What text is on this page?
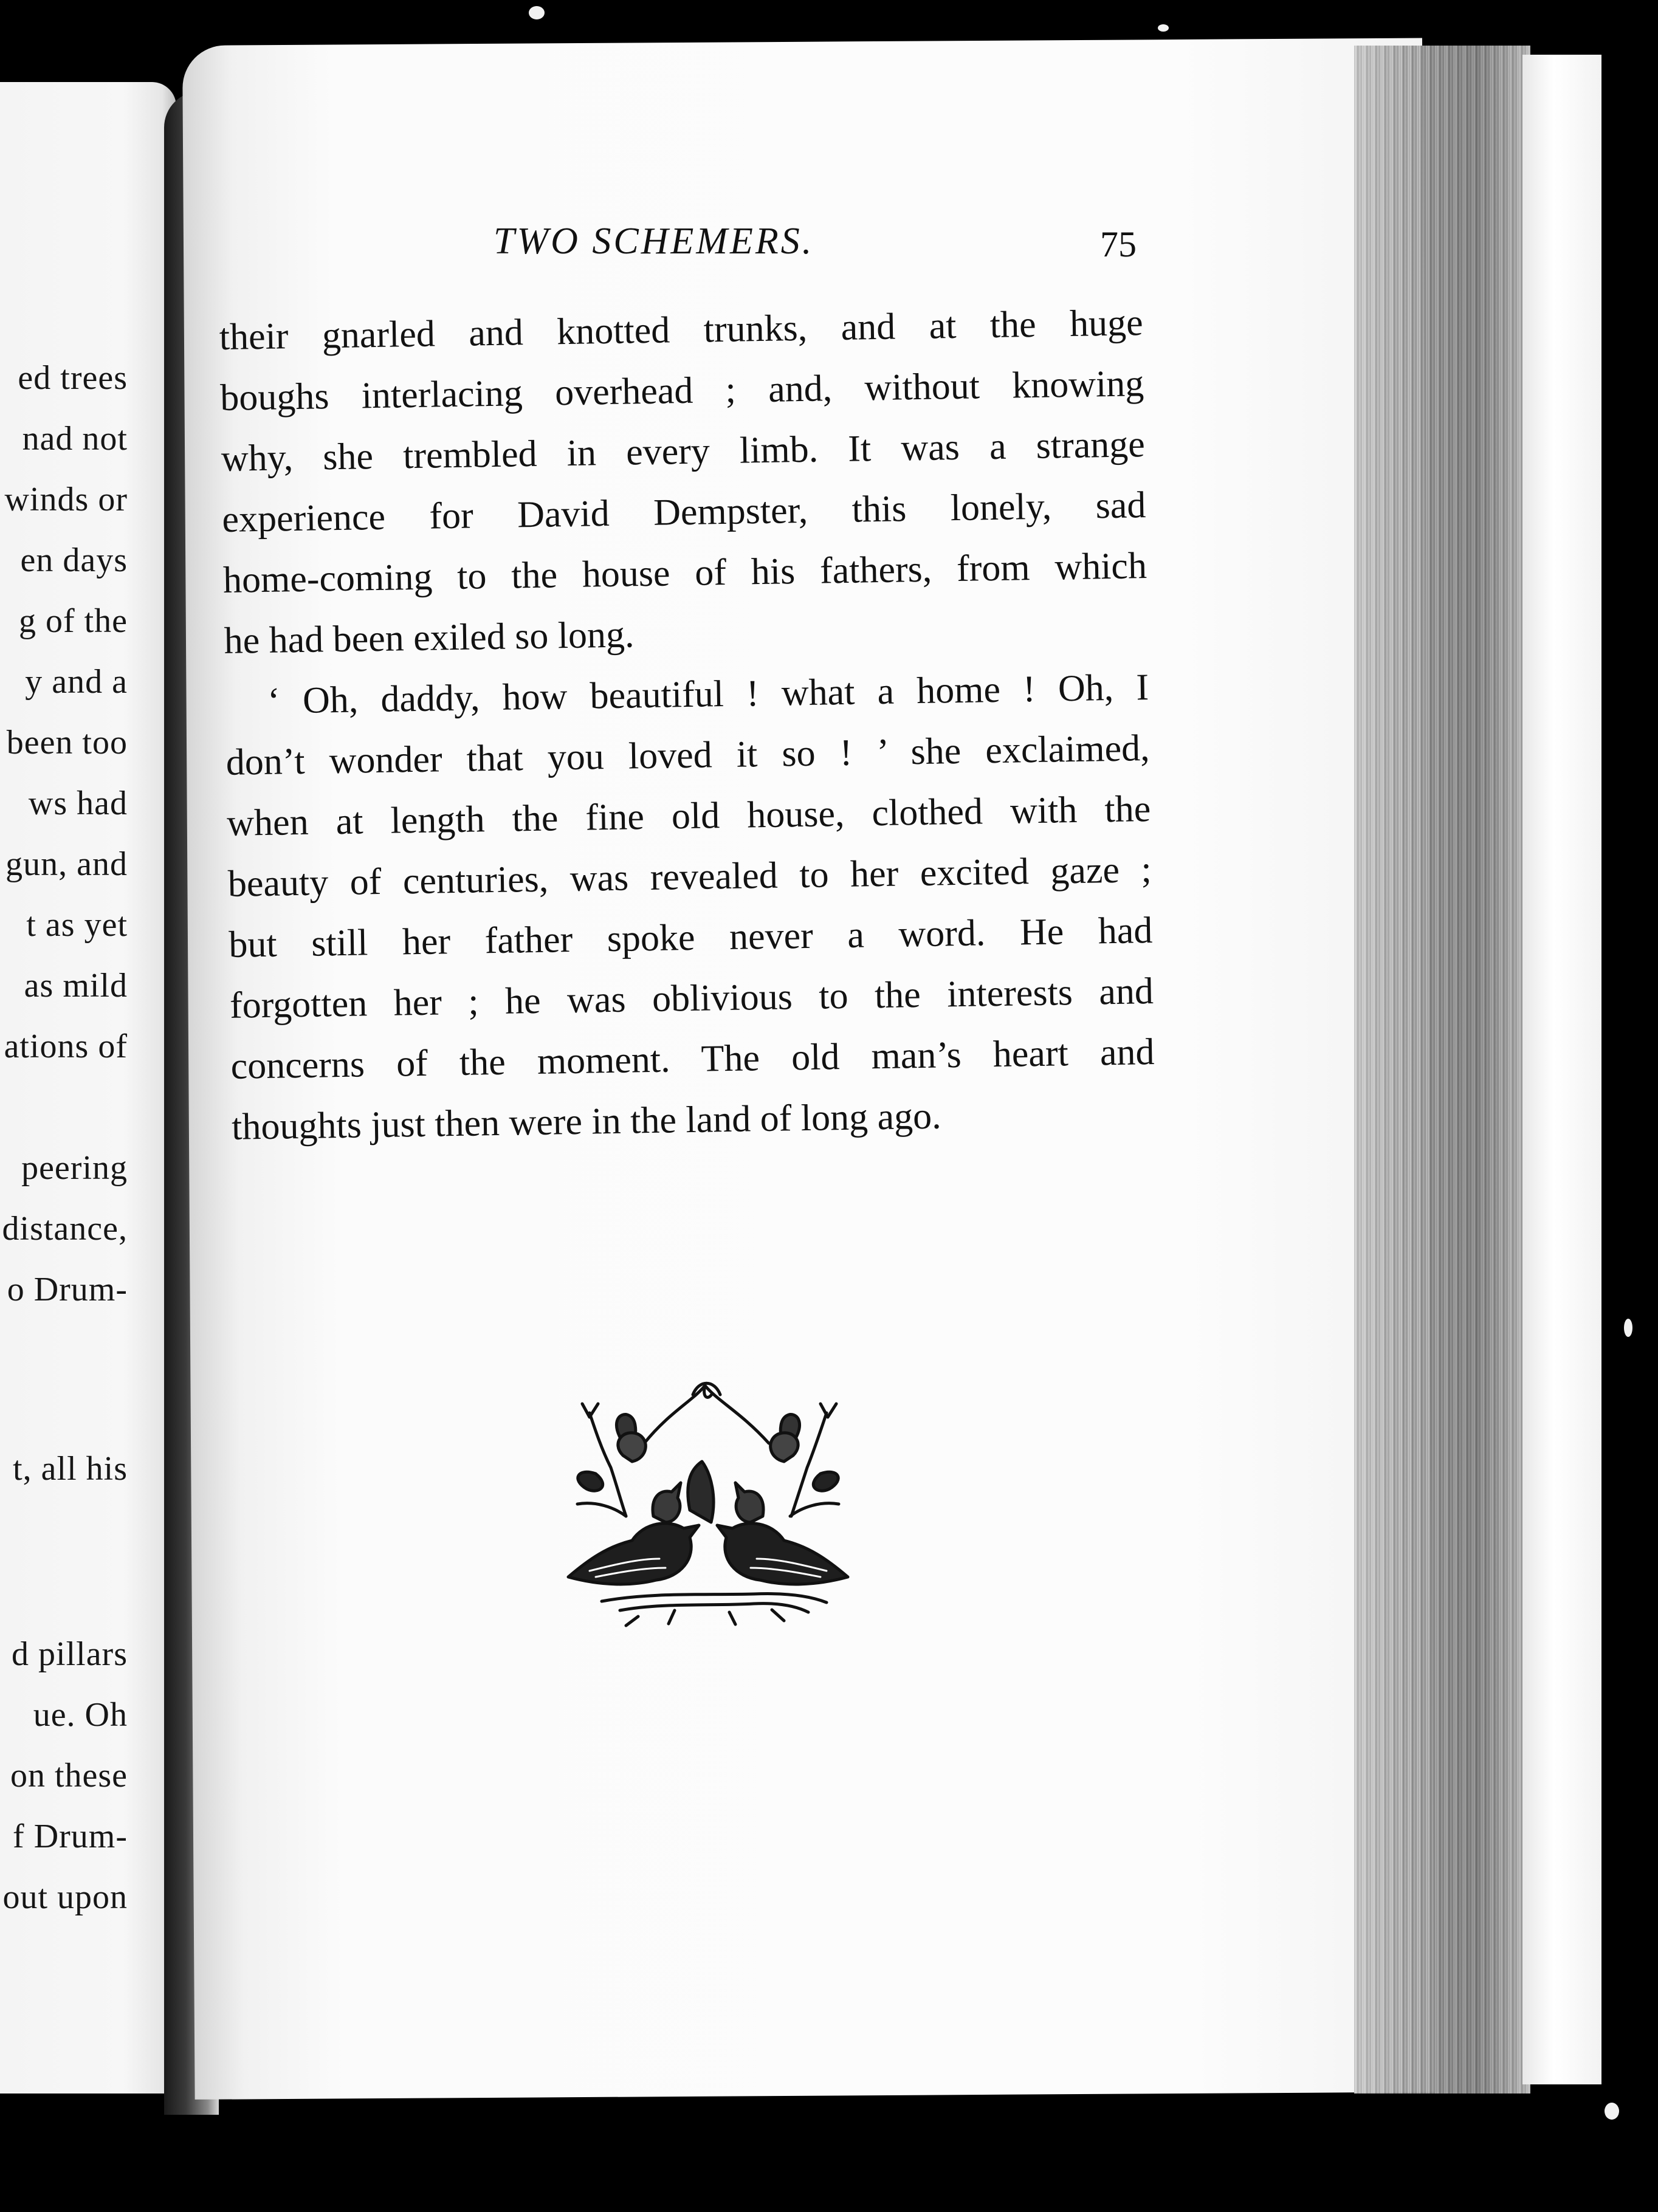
ed trees
nad not
winds or
en days
g of the
y and a
been too
ws had
gun, and
t as yet
as mild
ations of
peering
distance,
o Drum-
t, all his
d pillars
ue. Oh
on these
f Drum-
out upon
TWO SCHEMERS.	75
their gnarled and knotted trunks, and at the huge
boughs interlacing overhead ; and, without knowing
why, she trembled in every limb. It was a strange
experience for David Dempster, this lonely, sad
home-coming to the house of his fathers, from which
he had been exiled so long.
‘ Oh, daddy, how beautiful ! what a home ! Oh, I
don’t wonder that you loved it so ! ’ she exclaimed,
when at length the fine old house, clothed with the
beauty of centuries, was revealed to her excited gaze ;
but still her father spoke never a word. He had
forgotten her ; he was oblivious to the interests and
concerns of the moment. The old man’s heart and
thoughts just then were in the land of long ago.
